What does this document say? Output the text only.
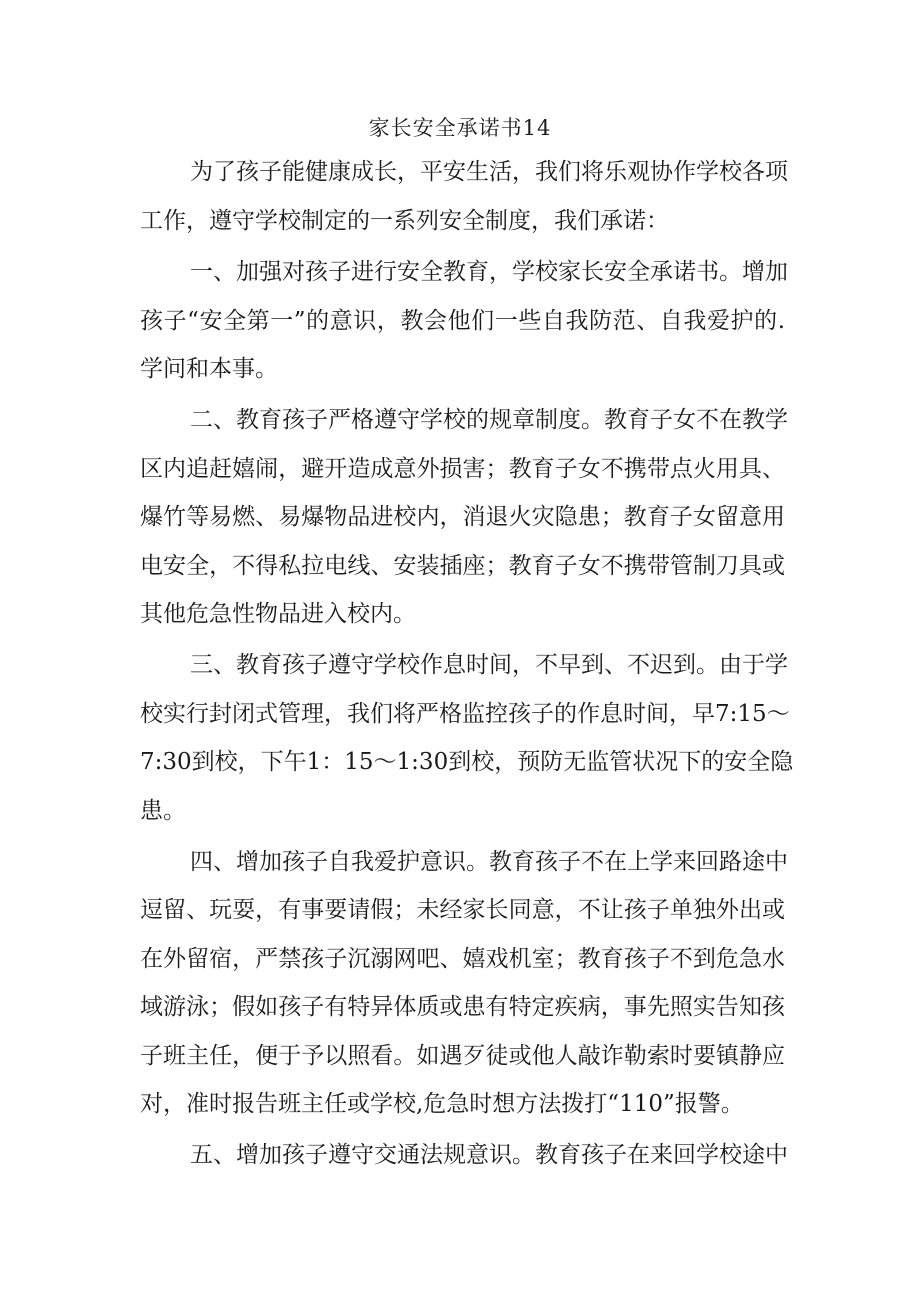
家长安全承诺书14
为了孩子能健康成长，平安生活，我们将乐观协作学校各项
工作，遵守学校制定的一系列安全制度，我们承诺：
一、加强对孩子进行安全教育，学校家长安全承诺书。增加
孩子“安全第一”的意识，教会他们一些自我防范、自我爱护的.
学问和本事。
二、教育孩子严格遵守学校的规章制度。教育子女不在教学
区内追赶嬉闹，避开造成意外损害；教育子女不携带点火用具、
爆竹等易燃、易爆物品进校内，消退火灾隐患；教育子女留意用
电安全，不得私拉电线、安装插座；教育子女不携带管制刀具或
其他危急性物品进入校内。
三、教育孩子遵守学校作息时间，不早到、不迟到。由于学
校实行封闭式管理，我们将严格监控孩子的作息时间，早7:15～
7:30到校，下午1：15～1:30到校，预防无监管状况下的安全隐
患。
四、增加孩子自我爱护意识。教育孩子不在上学来回路途中
逗留、玩耍，有事要请假；未经家长同意，不让孩子单独外出或
在外留宿，严禁孩子沉溺网吧、嬉戏机室；教育孩子不到危急水
域游泳；假如孩子有特异体质或患有特定疾病，事先照实告知孩
子班主任，便于予以照看。如遇歹徒或他人敲诈勒索时要镇静应
对，准时报告班主任或学校,危急时想方法拨打“110”报警。
五、增加孩子遵守交通法规意识。教育孩子在来回学校途中
